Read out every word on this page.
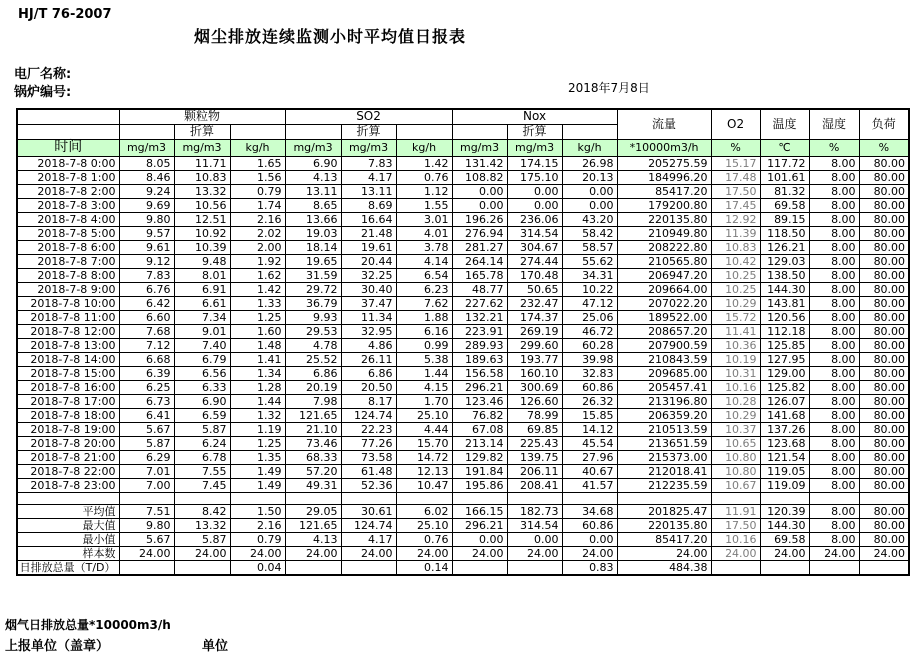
HJ/T 76-2007
烟尘排放连续监测小时平均值日报表
电厂名称:
锅炉编号:	2018年7月8日
	颗粒物			SO2			Nox			流量	O2	温度	湿度	负荷
		折算			折算			折算						
时间	mg/m3	mg/m3	kg/h	mg/m3	mg/m3	kg/h	mg/m3	mg/m3	kg/h	*10000m3/h	%	℃	%	%
2018-7-8 0:00	8.05	11.71	1.65	6.90	7.83	1.42	131.42	174.15	26.98	205275.59	15.17	117.72	8.00	80.00
2018-7-8 1:00	8.46	10.83	1.56	4.13	4.17	0.76	108.82	175.10	20.13	184996.20	17.48	101.61	8.00	80.00
2018-7-8 2:00	9.24	13.32	0.79	13.11	13.11	1.12	0.00	0.00	0.00	85417.20	17.50	81.32	8.00	80.00
2018-7-8 3:00	9.69	10.56	1.74	8.65	8.69	1.55	0.00	0.00	0.00	179200.80	17.45	69.58	8.00	80.00
2018-7-8 4:00	9.80	12.51	2.16	13.66	16.64	3.01	196.26	236.06	43.20	220135.80	12.92	89.15	8.00	80.00
2018-7-8 5:00	9.57	10.92	2.02	19.03	21.48	4.01	276.94	314.54	58.42	210949.80	11.39	118.50	8.00	80.00
2018-7-8 6:00	9.61	10.39	2.00	18.14	19.61	3.78	281.27	304.67	58.57	208222.80	10.83	126.21	8.00	80.00
2018-7-8 7:00	9.12	9.48	1.92	19.65	20.44	4.14	264.14	274.44	55.62	210565.80	10.42	129.03	8.00	80.00
2018-7-8 8:00	7.83	8.01	1.62	31.59	32.25	6.54	165.78	170.48	34.31	206947.20	10.25	138.50	8.00	80.00
2018-7-8 9:00	6.76	6.91	1.42	29.72	30.40	6.23	48.77	50.65	10.22	209664.00	10.25	144.30	8.00	80.00
2018-7-8 10:00	6.42	6.61	1.33	36.79	37.47	7.62	227.62	232.47	47.12	207022.20	10.29	143.81	8.00	80.00
2018-7-8 11:00	6.60	7.34	1.25	9.93	11.34	1.88	132.21	174.37	25.06	189522.00	15.72	120.56	8.00	80.00
2018-7-8 12:00	7.68	9.01	1.60	29.53	32.95	6.16	223.91	269.19	46.72	208657.20	11.41	112.18	8.00	80.00
2018-7-8 13:00	7.12	7.40	1.48	4.78	4.86	0.99	289.93	299.60	60.28	207900.59	10.36	125.85	8.00	80.00
2018-7-8 14:00	6.68	6.79	1.41	25.52	26.11	5.38	189.63	193.77	39.98	210843.59	10.19	127.95	8.00	80.00
2018-7-8 15:00	6.39	6.56	1.34	6.86	6.86	1.44	156.58	160.10	32.83	209685.00	10.31	129.00	8.00	80.00
2018-7-8 16:00	6.25	6.33	1.28	20.19	20.50	4.15	296.21	300.69	60.86	205457.41	10.16	125.82	8.00	80.00
2018-7-8 17:00	6.73	6.90	1.44	7.98	8.17	1.70	123.46	126.60	26.32	213196.80	10.28	126.07	8.00	80.00
2018-7-8 18:00	6.41	6.59	1.32	121.65	124.74	25.10	76.82	78.99	15.85	206359.20	10.29	141.68	8.00	80.00
2018-7-8 19:00	5.67	5.87	1.19	21.10	22.23	4.44	67.08	69.85	14.12	210513.59	10.37	137.26	8.00	80.00
2018-7-8 20:00	5.87	6.24	1.25	73.46	77.26	15.70	213.14	225.43	45.54	213651.59	10.65	123.68	8.00	80.00
2018-7-8 21:00	6.29	6.78	1.35	68.33	73.58	14.72	129.82	139.75	27.96	215373.00	10.80	121.54	8.00	80.00
2018-7-8 22:00	7.01	7.55	1.49	57.20	61.48	12.13	191.84	206.11	40.67	212018.41	10.80	119.05	8.00	80.00
2018-7-8 23:00	7.00	7.45	1.49	49.31	52.36	10.47	195.86	208.41	41.57	212235.59	10.67	119.09	8.00	80.00

平均值	7.51	8.42	1.50	29.05	30.61	6.02	166.15	182.73	34.68	201825.47	11.91	120.39	8.00	80.00
最大值	9.80	13.32	2.16	121.65	124.74	25.10	296.21	314.54	60.86	220135.80	17.50	144.30	8.00	80.00
最小值	5.67	5.87	0.79	4.13	4.17	0.76	0.00	0.00	0.00	85417.20	10.16	69.58	8.00	80.00
样本数	24.00	24.00	24.00	24.00	24.00	24.00	24.00	24.00	24.00	24.00	24.00	24.00	24.00	24.00
日排放总量（T/D）			0.04			0.14			0.83	484.38				
烟气日排放总量*10000m3/h
上报单位（盖章）	单位
